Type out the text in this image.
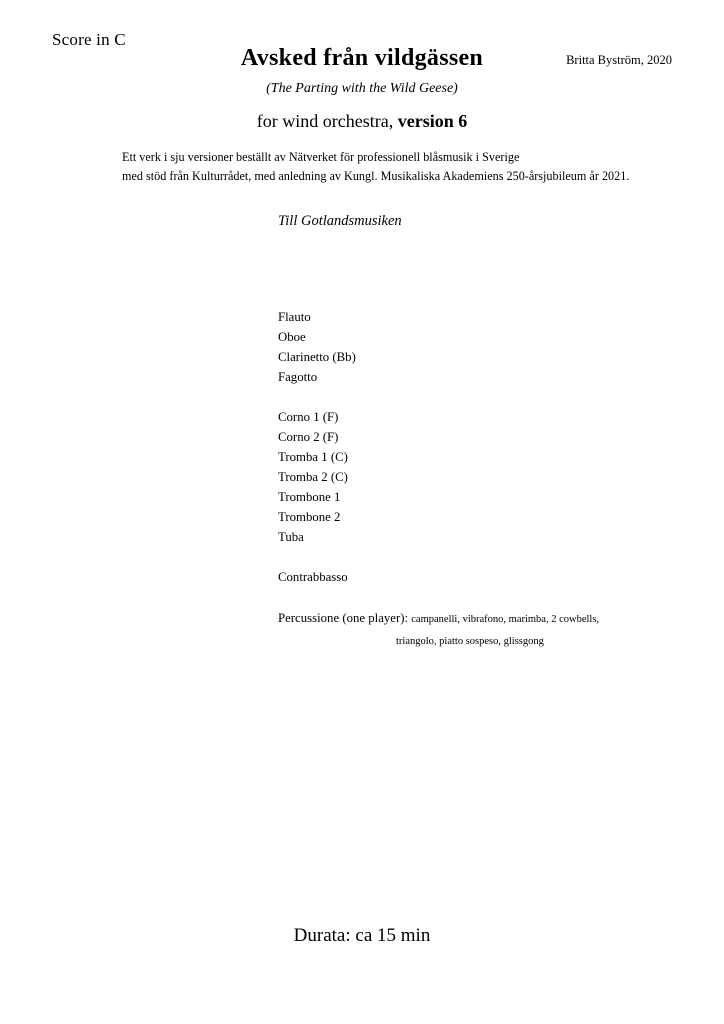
Score in C
Britta Byström, 2020
Avsked från vildgässen
(The Parting with the Wild Geese)
for wind orchestra, version 6
Ett verk i sju versioner beställt av Nätverket för professionell blåsmusik i Sverige
med stöd från Kulturrådet, med anledning av Kungl. Musikaliska Akademiens 250-årsjubileum år 2021.
Till Gotlandsmusiken
Flauto
Oboe
Clarinetto (Bb)
Fagotto
Corno 1 (F)
Corno 2 (F)
Tromba 1 (C)
Tromba 2 (C)
Trombone 1
Trombone 2
Tuba
Contrabbasso
Percussione (one player): campanelli, vibrafono, marimba, 2 cowbells,
triangolo, piatto sospeso, glissgong
Durata: ca 15 min
